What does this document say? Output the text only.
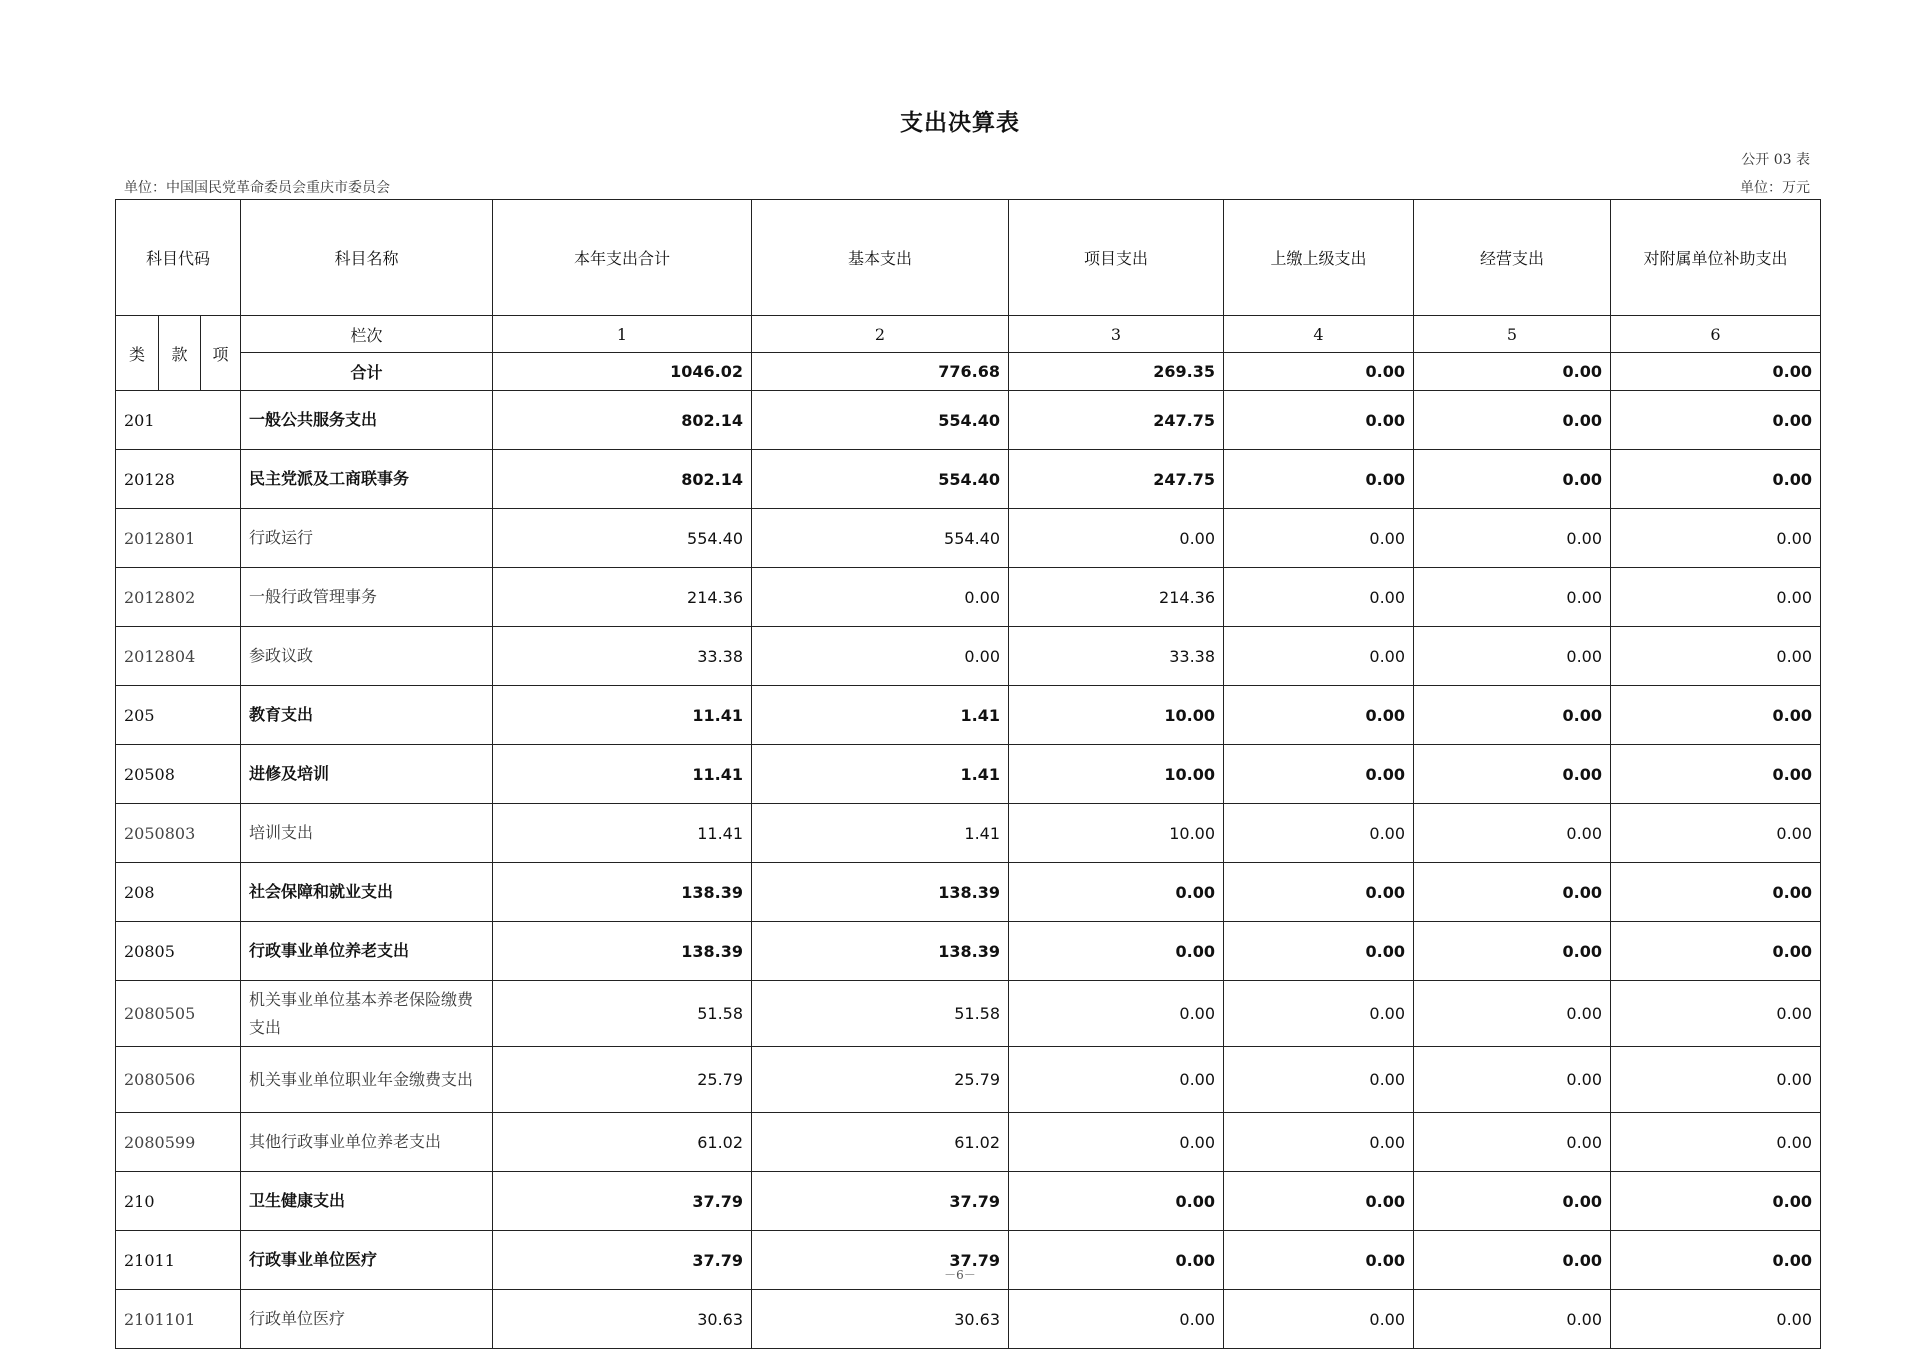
支出决算表
公开 03 表
单位：中国国民党革命委员会重庆市委员会	单位：万元
科目代码			科目名称	本年支出合计	基本支出	项目支出	上缴上级支出	经营支出	对附属单位补助支出
类	款	项	栏次	1	2	3	4	5	6
			合计	1046.02	776.68	269.35	0.00	0.00	0.00
201			一般公共服务支出	802.14	554.40	247.75	0.00	0.00	0.00
20128			民主党派及工商联事务	802.14	554.40	247.75	0.00	0.00	0.00
2012801			行政运行	554.40	554.40	0.00	0.00	0.00	0.00
2012802			一般行政管理事务	214.36	0.00	214.36	0.00	0.00	0.00
2012804			参政议政	33.38	0.00	33.38	0.00	0.00	0.00
205			教育支出	11.41	1.41	10.00	0.00	0.00	0.00
20508			进修及培训	11.41	1.41	10.00	0.00	0.00	0.00
2050803			培训支出	11.41	1.41	10.00	0.00	0.00	0.00
208			社会保障和就业支出	138.39	138.39	0.00	0.00	0.00	0.00
20805			行政事业单位养老支出	138.39	138.39	0.00	0.00	0.00	0.00
2080505			机关事业单位基本养老保险缴费支出	51.58	51.58	0.00	0.00	0.00	0.00
2080506			机关事业单位职业年金缴费支出	25.79	25.79	0.00	0.00	0.00	0.00
2080599			其他行政事业单位养老支出	61.02	61.02	0.00	0.00	0.00	0.00
210			卫生健康支出	37.79	37.79	0.00	0.00	0.00	0.00
21011			行政事业单位医疗	37.79	37.79	0.00	0.00	0.00	0.00
2101101			行政单位医疗	30.63	30.63	0.00	0.00	0.00	0.00
－6－
